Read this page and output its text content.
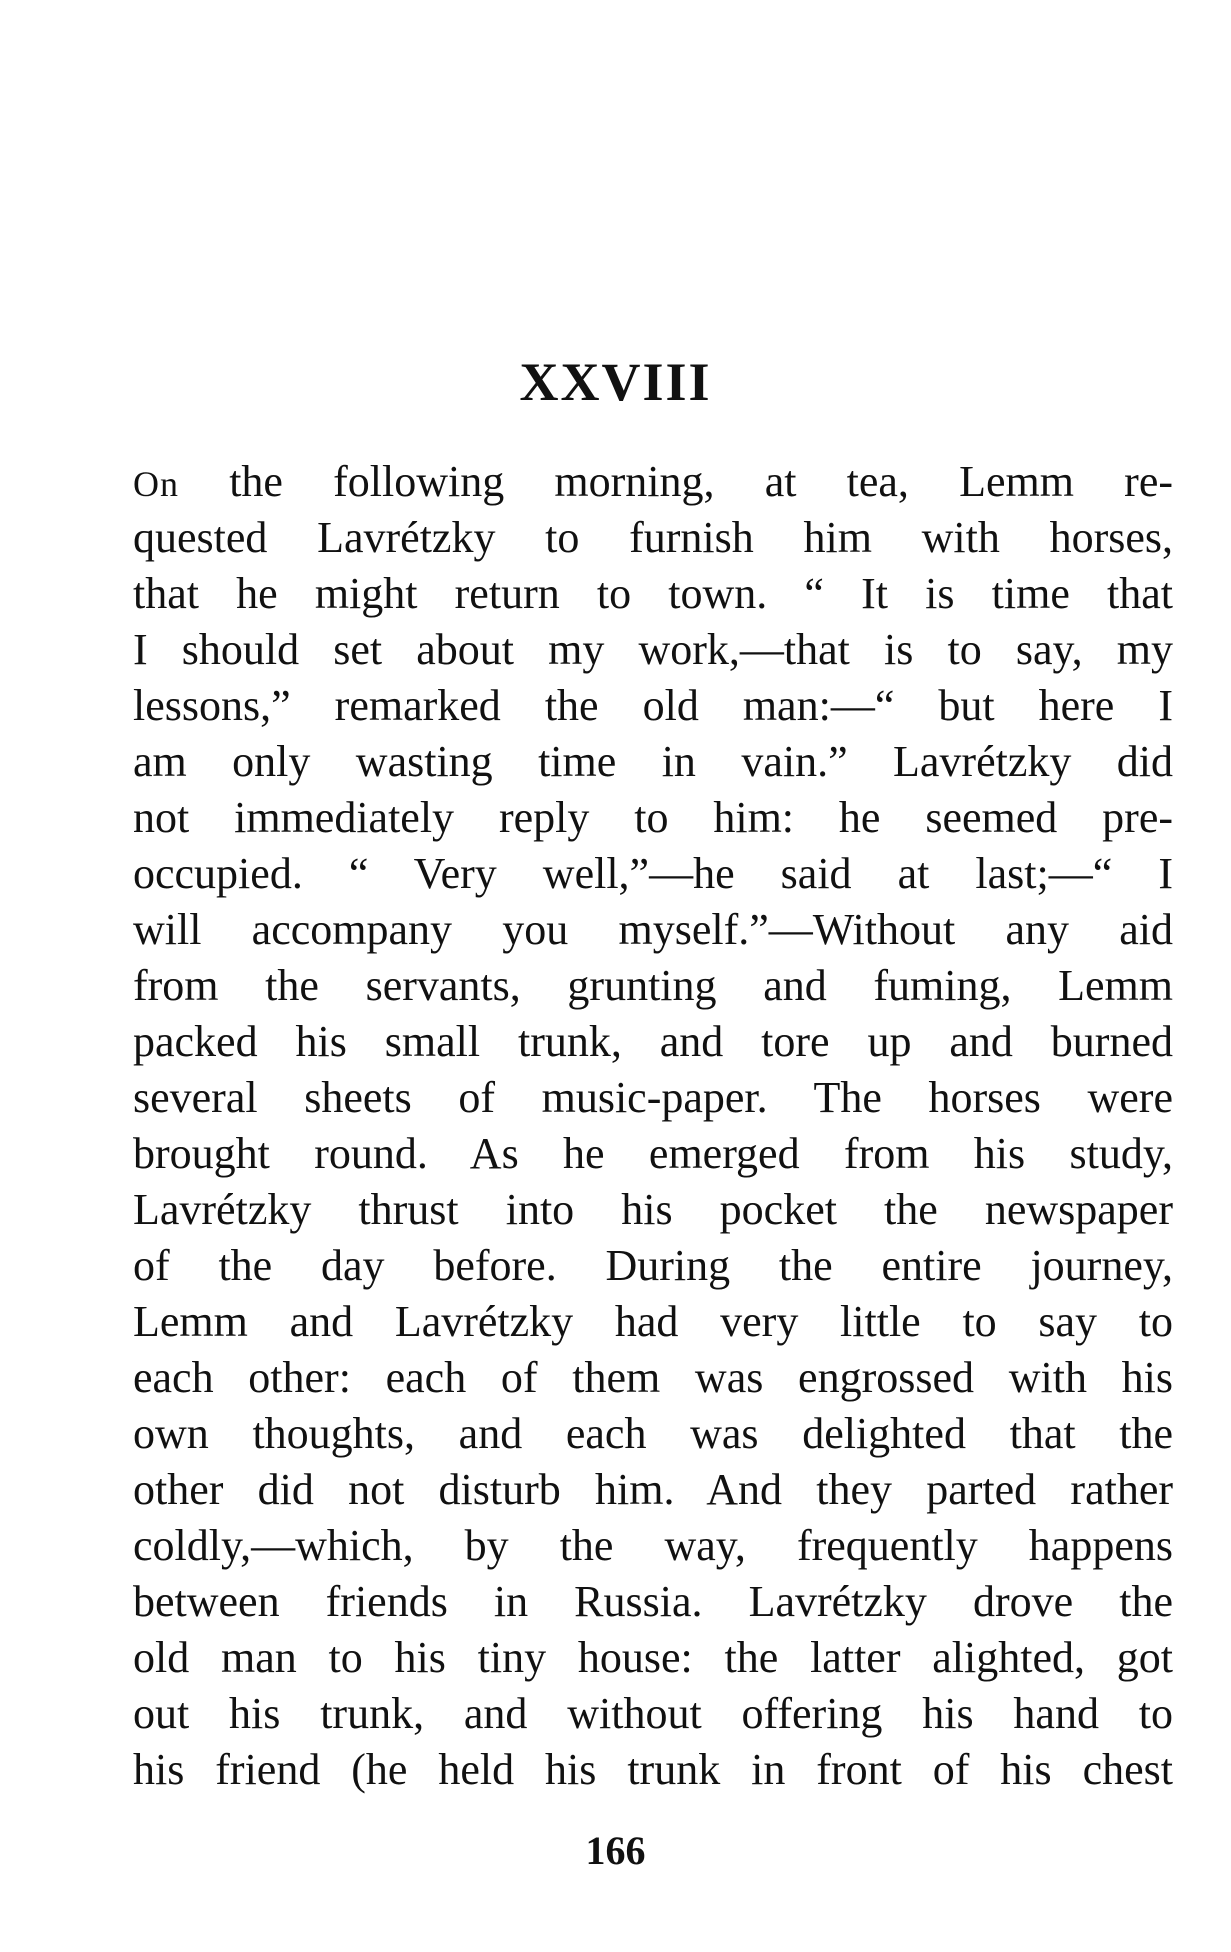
XXVIII
On the following morning, at tea, Lemm re-
quested Lavrétzky to furnish him with horses,
that he might return to town. “ It is time that
I should set about my work,—that is to say, my
lessons,” remarked the old man:—“ but here I
am only wasting time in vain.” Lavrétzky did
not immediately reply to him: he seemed pre-
occupied. “ Very well,”—he said at last;—“ I
will accompany you myself.”—Without any aid
from the servants, grunting and fuming, Lemm
packed his small trunk, and tore up and burned
several sheets of music-paper. The horses were
brought round. As he emerged from his study,
Lavrétzky thrust into his pocket the newspaper
of the day before. During the entire journey,
Lemm and Lavrétzky had very little to say to
each other: each of them was engrossed with his
own thoughts, and each was delighted that the
other did not disturb him. And they parted rather
coldly,—which, by the way, frequently happens
between friends in Russia. Lavrétzky drove the
old man to his tiny house: the latter alighted, got
out his trunk, and without offering his hand to
his friend (he held his trunk in front of his chest
166
